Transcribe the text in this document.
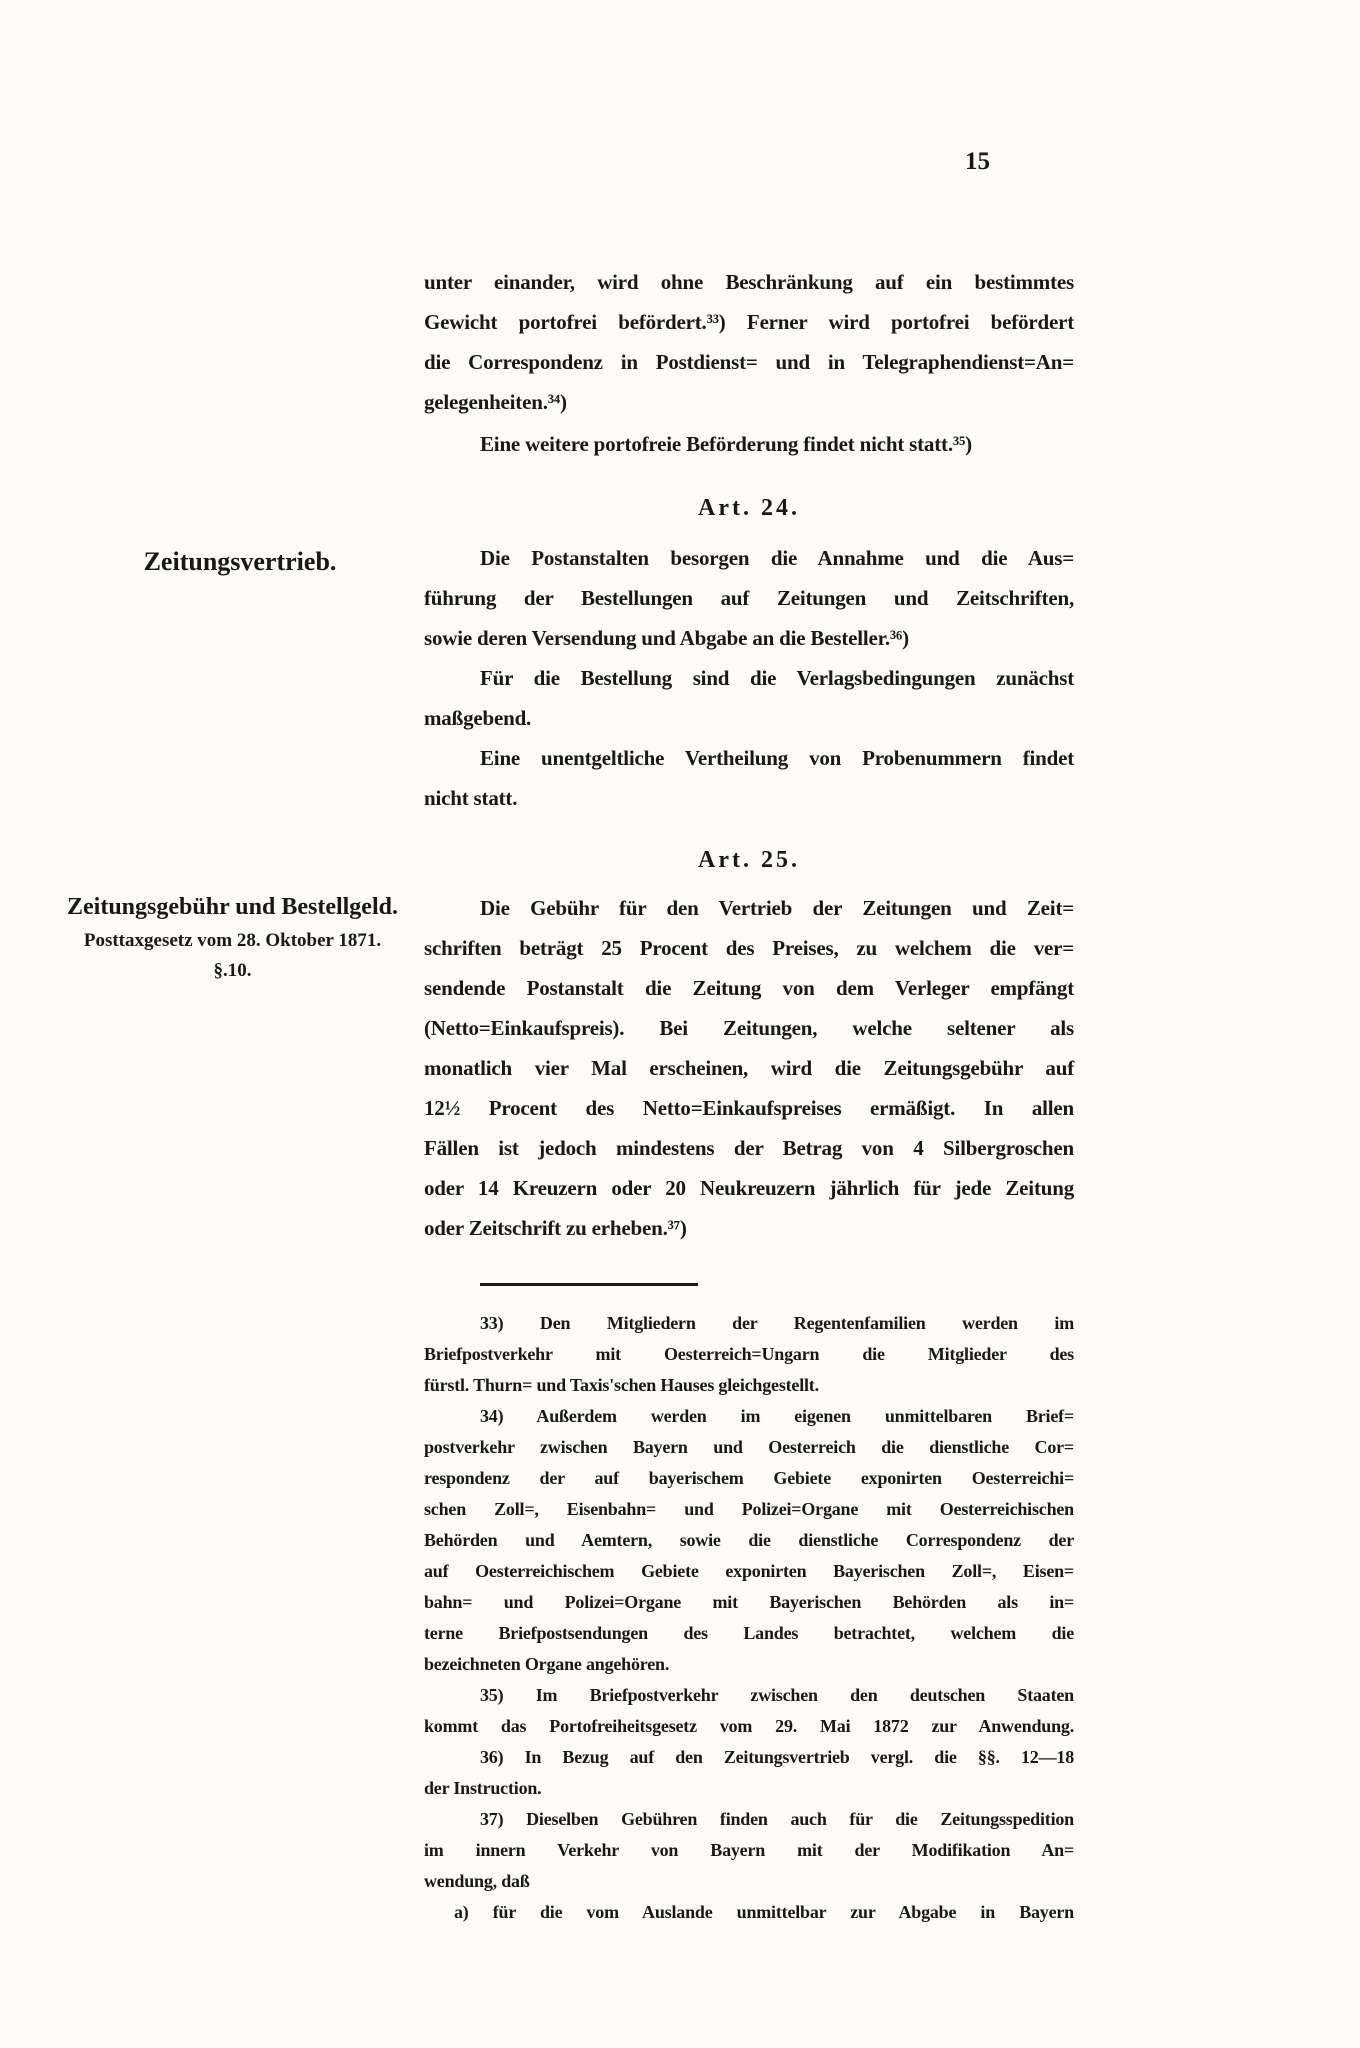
15
Zeitungsvertrieb.
Zeitungsgebühr und Bestellgeld.
Posttaxgesetz vom 28. Oktober 1871.
§.10.
unter einander, wird ohne Beschränkung auf ein bestimmtes
Gewicht portofrei befördert.³³) Ferner wird portofrei befördert
die Correspondenz in Postdienst= und in Telegraphendienst=An=
gelegenheiten.³⁴)
Eine weitere portofreie Beförderung findet nicht statt.³⁵)
Art. 24.
Die Postanstalten besorgen die Annahme und die Aus=
führung der Bestellungen auf Zeitungen und Zeitschriften,
sowie deren Versendung und Abgabe an die Besteller.³⁶)
Für die Bestellung sind die Verlagsbedingungen zunächst
maßgebend.
Eine unentgeltliche Vertheilung von Probenummern findet
nicht statt.
Art. 25.
Die Gebühr für den Vertrieb der Zeitungen und Zeit=
schriften beträgt 25 Procent des Preises, zu welchem die ver=
sendende Postanstalt die Zeitung von dem Verleger empfängt
(Netto=Einkaufspreis). Bei Zeitungen, welche seltener als
monatlich vier Mal erscheinen, wird die Zeitungsgebühr auf
12½ Procent des Netto=Einkaufspreises ermäßigt. In allen
Fällen ist jedoch mindestens der Betrag von 4 Silbergroschen
oder 14 Kreuzern oder 20 Neukreuzern jährlich für jede Zeitung
oder Zeitschrift zu erheben.³⁷)
33) Den Mitgliedern der Regentenfamilien werden im
Briefpostverkehr mit Oesterreich=Ungarn die Mitglieder des
fürstl. Thurn= und Taxis'schen Hauses gleichgestellt.
34) Außerdem werden im eigenen unmittelbaren Brief=
postverkehr zwischen Bayern und Oesterreich die dienstliche Cor=
respondenz der auf bayerischem Gebiete exponirten Oesterreichi=
schen Zoll=, Eisenbahn= und Polizei=Organe mit Oesterreichischen
Behörden und Aemtern, sowie die dienstliche Correspondenz der
auf Oesterreichischem Gebiete exponirten Bayerischen Zoll=, Eisen=
bahn= und Polizei=Organe mit Bayerischen Behörden als in=
terne Briefpostsendungen des Landes betrachtet, welchem die
bezeichneten Organe angehören.
35) Im Briefpostverkehr zwischen den deutschen Staaten
kommt das Portofreiheitsgesetz vom 29. Mai 1872 zur Anwendung.
36) In Bezug auf den Zeitungsvertrieb vergl. die §§. 12—18
der Instruction.
37) Dieselben Gebühren finden auch für die Zeitungsspedition
im innern Verkehr von Bayern mit der Modifikation An=
wendung, daß
a) für die vom Auslande unmittelbar zur Abgabe in Bayern
